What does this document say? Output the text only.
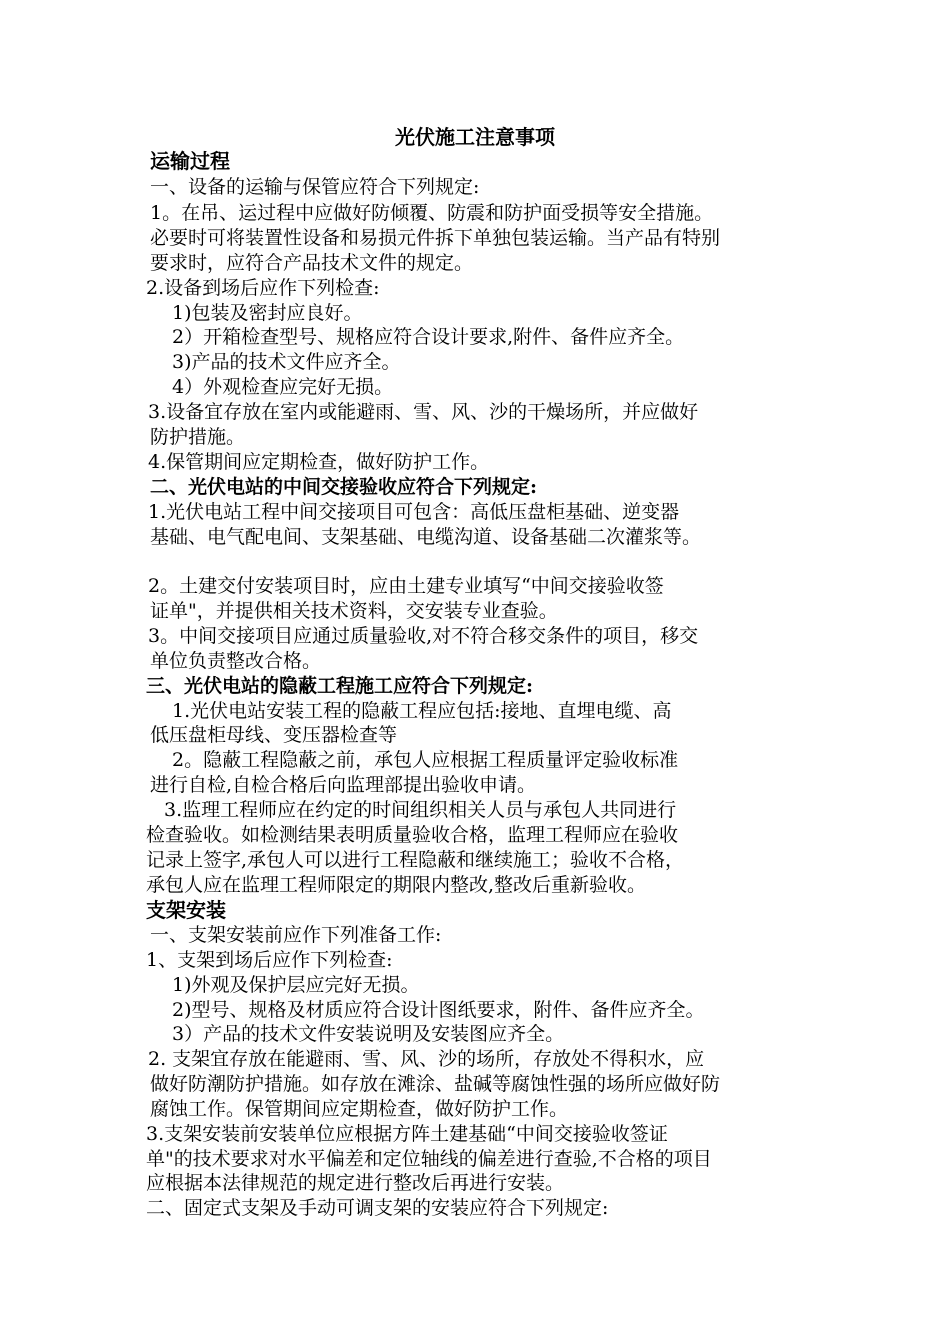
光伏施工注意事项
运输过程
一、设备的运输与保管应符合下列规定:
1。在吊、运过程中应做好防倾覆、防震和防护面受损等安全措施。
必要时可将装置性设备和易损元件拆下单独包装运输。当产品有特别
要求时，应符合产品技术文件的规定。
2.设备到场后应作下列检查:
1)包装及密封应良好。
2）开箱检查型号、规格应符合设计要求,附件、备件应齐全。
3)产品的技术文件应齐全。
4）外观检查应完好无损。
3.设备宜存放在室内或能避雨、雪、风、沙的干燥场所，并应做好
防护措施。
4.保管期间应定期检查，做好防护工作。
二、光伏电站的中间交接验收应符合下列规定:
1.光伏电站工程中间交接项目可包含：高低压盘柜基础、逆变器
基础、电气配电间、支架基础、电缆沟道、设备基础二次灌浆等。
2。土建交付安装项目时，应由土建专业填写“中间交接验收签
证单"，并提供相关技术资料，交安装专业查验。
3。中间交接项目应通过质量验收,对不符合移交条件的项目，移交
单位负责整改合格。
三、光伏电站的隐蔽工程施工应符合下列规定:
1.光伏电站安装工程的隐蔽工程应包括:接地、直埋电缆、高
低压盘柜母线、变压器检查等
2。隐蔽工程隐蔽之前，承包人应根据工程质量评定验收标准
进行自检,自检合格后向监理部提出验收申请。
3.监理工程师应在约定的时间组织相关人员与承包人共同进行
检查验收。如检测结果表明质量验收合格，监理工程师应在验收
记录上签字,承包人可以进行工程隐蔽和继续施工；验收不合格，
承包人应在监理工程师限定的期限内整改,整改后重新验收。
支架安装
一、支架安装前应作下列准备工作:
1、支架到场后应作下列检查:
1)外观及保护层应完好无损。
2)型号、规格及材质应符合设计图纸要求，附件、备件应齐全。
3）产品的技术文件安装说明及安装图应齐全。
2. 支架宜存放在能避雨、雪、风、沙的场所，存放处不得积水，应
做好防潮防护措施。如存放在滩涂、盐碱等腐蚀性强的场所应做好防
腐蚀工作。保管期间应定期检查，做好防护工作。
3.支架安装前安装单位应根据方阵土建基础“中间交接验收签证
单"的技术要求对水平偏差和定位轴线的偏差进行查验,不合格的项目
应根据本法律规范的规定进行整改后再进行安装。
二、固定式支架及手动可调支架的安装应符合下列规定:
